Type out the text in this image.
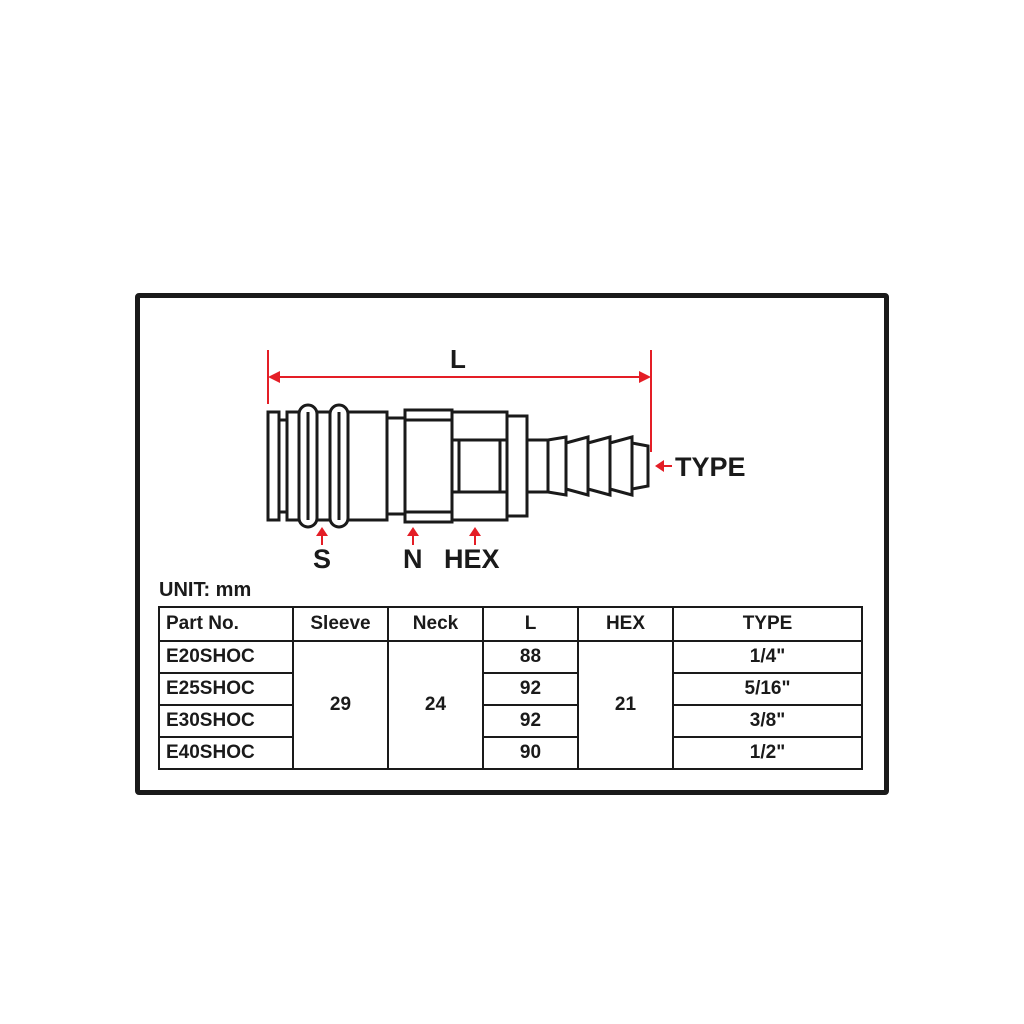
L
TYPE
S	N HEX
UNIT: mm
Part No.	Sleeve	Neck	L	HEX	TYPE
E20SHOC	29	24	88	21	1/4"
E25SHOC			92		5/16"
E30SHOC			92		3/8"
E40SHOC			90		1/2"
